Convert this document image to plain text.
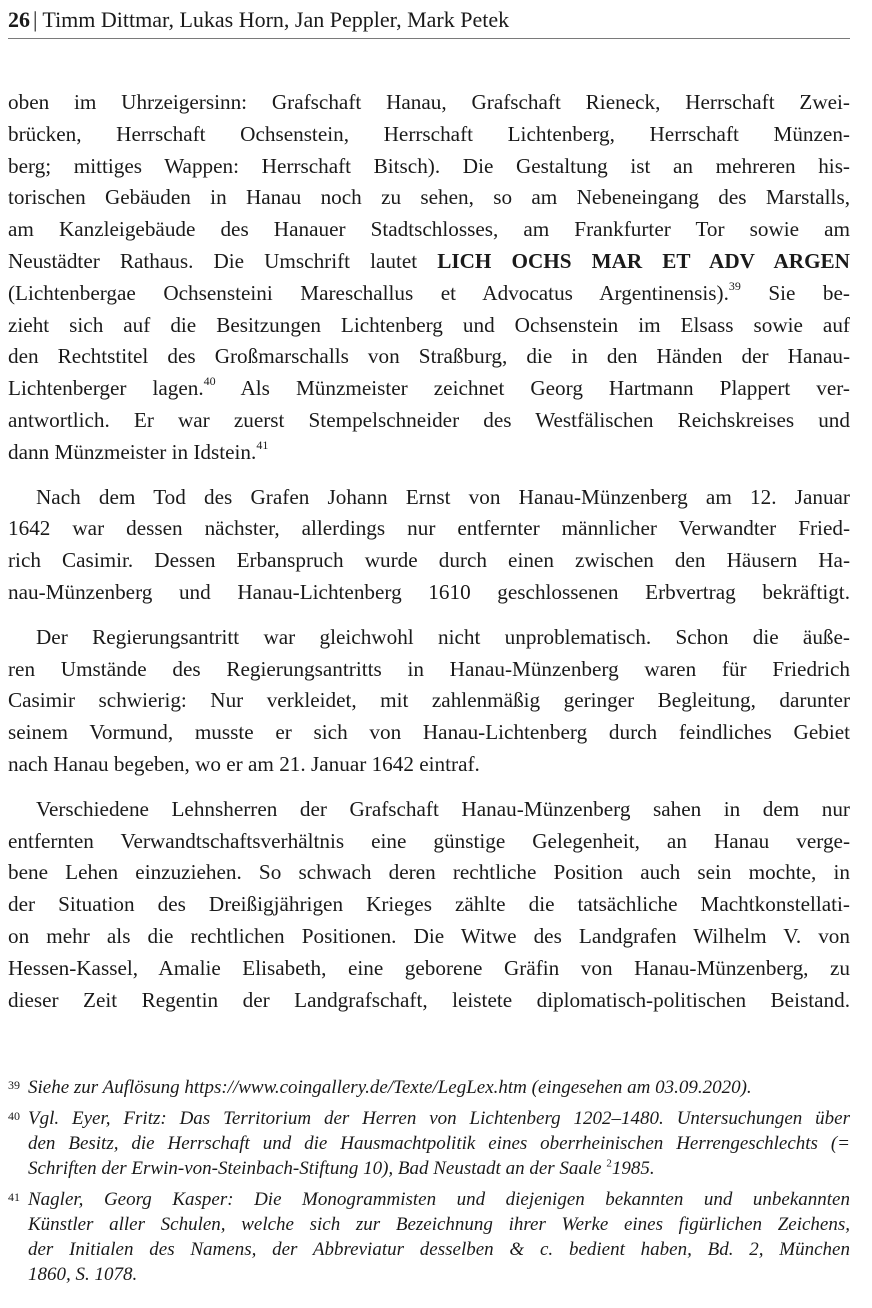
26 | Timm Dittmar, Lukas Horn, Jan Peppler, Mark Petek

oben im Uhrzeigersinn: Grafschaft Hanau, Grafschaft Rieneck, Herrschaft Zwei-
brücken, Herrschaft Ochsenstein, Herrschaft Lichtenberg, Herrschaft Münzen-
berg; mittiges Wappen: Herrschaft Bitsch). Die Gestaltung ist an mehreren his-
torischen Gebäuden in Hanau noch zu sehen, so am Nebeneingang des Marstalls,
am Kanzleigebäude des Hanauer Stadtschlosses, am Frankfurter Tor sowie am
Neustädter Rathaus. Die Umschrift lautet LICH OCHS MAR ET ADV ARGEN
(Lichtenbergae Ochsensteini Mareschallus et Advocatus Argentinensis).$^{39}$ Sie be-
zieht sich auf die Besitzungen Lichtenberg und Ochsenstein im Elsass sowie auf
den Rechtstitel des Großmarschalls von Straßburg, die in den Händen der Hanau-
Lichtenberger lagen.$^{40}$ Als Münzmeister zeichnet Georg Hartmann Plappert ver-
antwortlich. Er war zuerst Stempelschneider des Westfälischen Reichskreises und
dann Münzmeister in Idstein.$^{41}$

Nach dem Tod des Grafen Johann Ernst von Hanau-Münzenberg am 12. Januar
1642 war dessen nächster, allerdings nur entfernter männlicher Verwandter Fried-
rich Casimir. Dessen Erbanspruch wurde durch einen zwischen den Häusern Ha-
nau-Münzenberg und Hanau-Lichtenberg 1610 geschlossenen Erbvertrag bekräftigt.

Der Regierungsantritt war gleichwohl nicht unproblematisch. Schon die äuße-
ren Umstände des Regierungsantritts in Hanau-Münzenberg waren für Friedrich
Casimir schwierig: Nur verkleidet, mit zahlenmäßig geringer Begleitung, darunter
seinem Vormund, musste er sich von Hanau-Lichtenberg durch feindliches Gebiet
nach Hanau begeben, wo er am 21. Januar 1642 eintraf.

Verschiedene Lehnsherren der Grafschaft Hanau-Münzenberg sahen in dem nur
entfernten Verwandtschaftsverhältnis eine günstige Gelegenheit, an Hanau verge-
bene Lehen einzuziehen. So schwach deren rechtliche Position auch sein mochte, in
der Situation des Dreißigjährigen Krieges zählte die tatsächliche Machtkonstellati-
on mehr als die rechtlichen Positionen. Die Witwe des Landgrafen Wilhelm V. von
Hessen-Kassel, Amalie Elisabeth, eine geborene Gräfin von Hanau-Münzenberg, zu
dieser Zeit Regentin der Landgrafschaft, leistete diplomatisch-politischen Beistand.

39 Siehe zur Auflösung https://www.coingallery.de/Texte/LegLex.htm (eingesehen am 03.09.2020).
40 Vgl. Eyer, Fritz: Das Territorium der Herren von Lichtenberg 1202–1480. Untersuchungen über
den Besitz, die Herrschaft und die Hausmachtpolitik eines oberrheinischen Herrengeschlechts (=
Schriften der Erwin-von-Steinbach-Stiftung 10), Bad Neustadt an der Saale $^2$1985.
41 Nagler, Georg Kasper: Die Monogrammisten und diejenigen bekannten und unbekannten
Künstler aller Schulen, welche sich zur Bezeichnung ihrer Werke eines figürlichen Zeichens,
der Initialen des Namens, der Abbreviatur desselben & c. bedient haben, Bd. 2, München
1860, S. 1078.
